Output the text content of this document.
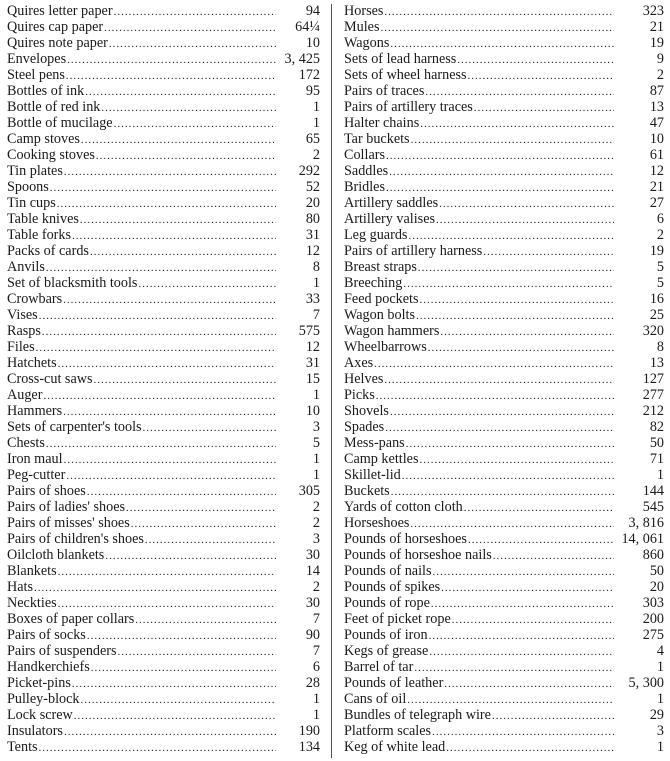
Quires letter paper .....	94
Quires cap paper .....	64¼
Quires note paper .....	10
Envelopes .....	3, 425
Steel pens .....	172
Bottles of ink .....	95
Bottle of red ink .....	1
Bottle of mucilage .....	1
Camp stoves .....	65
Cooking stoves .....	2
Tin plates .....	292
Spoons .....	52
Tin cups .....	20
Table knives .....	80
Table forks .....	31
Packs of cards .....	12
Anvils .....	8
Set of blacksmith tools .....	1
Crowbars .....	33
Vises .....	7
Rasps .....	575
Files .....	12
Hatchets .....	31
Cross-cut saws .....	15
Auger .....	1
Hammers .....	10
Sets of carpenter's tools .....	3
Chests .....	5
Iron maul .....	1
Peg-cutter .....	1
Pairs of shoes .....	305
Pairs of ladies' shoes .....	2
Pairs of misses' shoes .....	2
Pairs of children's shoes .....	3
Oilcloth blankets .....	30
Blankets .....	14
Hats .....	2
Neckties .....	30
Boxes of paper collars .....	7
Pairs of socks .....	90
Pairs of suspenders .....	7
Handkerchiefs .....	6
Picket-pins .....	28
Pulley-block .....	1
Lock screw .....	1
Insulators .....	190
Tents .....	134
Horses .....	323
Mules .....	21
Wagons .....	19
Sets of lead harness .....	9
Sets of wheel harness .....	2
Pairs of traces .....	87
Pairs of artillery traces .....	13
Halter chains .....	47
Tar buckets .....	10
Collars .....	61
Saddles .....	12
Bridles .....	21
Artillery saddles .....	27
Artillery valises .....	6
Leg guards .....	2
Pairs of artillery harness .....	19
Breast straps .....	5
Breeching .....	5
Feed pockets .....	16
Wagon bolts .....	25
Wagon hammers .....	320
Wheelbarrows .....	8
Axes .....	13
Helves .....	127
Picks .....	277
Shovels .....	212
Spades .....	82
Mess-pans .....	50
Camp kettles .....	71
Skillet-lid .....	1
Buckets .....	144
Yards of cotton cloth .....	545
Horseshoes .....	3, 816
Pounds of horseshoes .....	14, 061
Pounds of horseshoe nails .....	860
Pounds of nails .....	50
Pounds of spikes .....	20
Pounds of rope .....	303
Feet of picket rope .....	200
Pounds of iron .....	275
Kegs of grease .....	4
Barrel of tar .....	1
Pounds of leather .....	5, 300
Cans of oil .....	1
Bundles of telegraph wire .....	29
Platform scales .....	3
Keg of white lead .....	1
